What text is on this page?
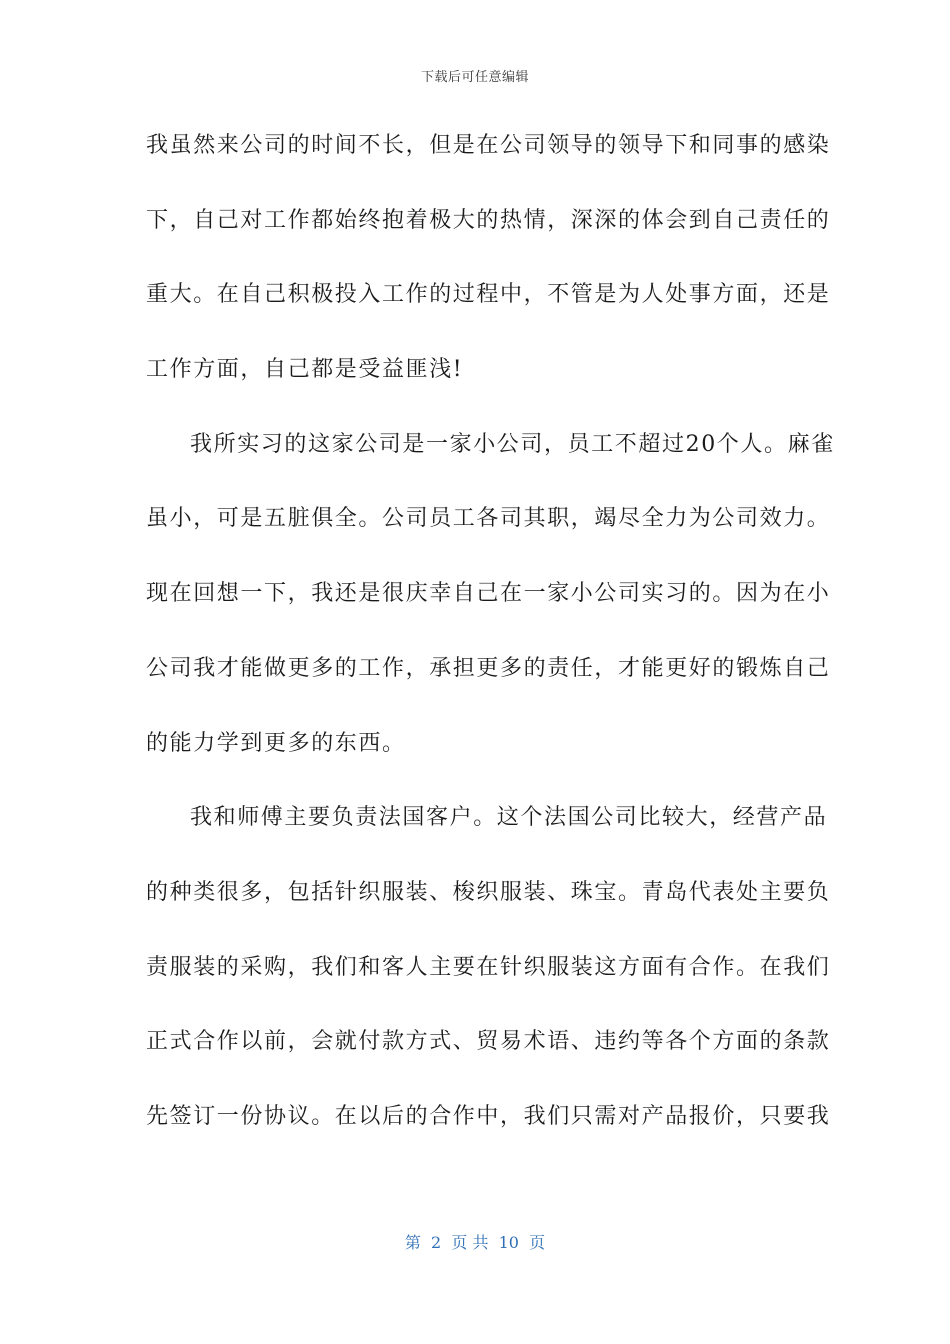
下载后可任意编辑
我虽然来公司的时间不长，但是在公司领导的领导下和同事的感染
下，自己对工作都始终抱着极大的热情，深深的体会到自己责任的
重大。在自己积极投入工作的过程中，不管是为人处事方面，还是
工作方面，自己都是受益匪浅!
我所实习的这家公司是一家小公司，员工不超过20个人。麻雀
虽小，可是五脏俱全。公司员工各司其职，竭尽全力为公司效力。
现在回想一下，我还是很庆幸自己在一家小公司实习的。因为在小
公司我才能做更多的工作，承担更多的责任，才能更好的锻炼自己
的能力学到更多的东西。
我和师傅主要负责法国客户。这个法国公司比较大，经营产品
的种类很多，包括针织服装、梭织服装、珠宝。青岛代表处主要负
责服装的采购，我们和客人主要在针织服装这方面有合作。在我们
正式合作以前，会就付款方式、贸易术语、违约等各个方面的条款
先签订一份协议。在以后的合作中，我们只需对产品报价，只要我
第  2  页 共  10  页
